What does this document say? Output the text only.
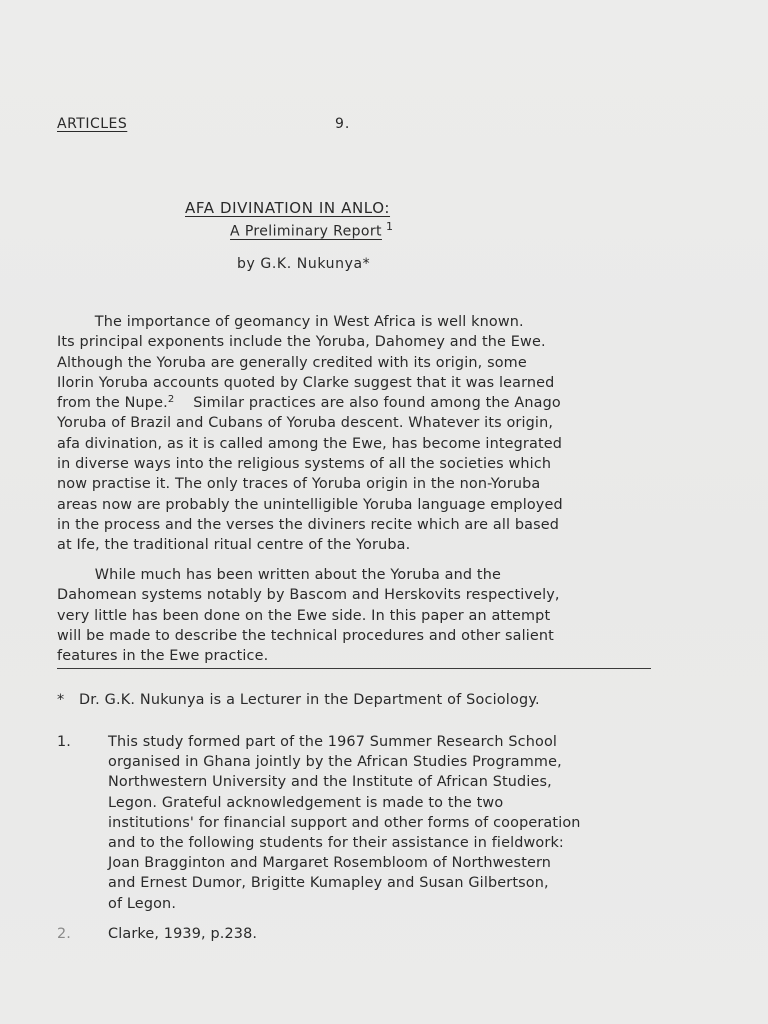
ARTICLES	9.
AFA DIVINATION IN ANLO:
A Preliminary Report $^1$
by G.K. Nukunya*
The importance of geomancy in West Africa is well known.
Its principal exponents include the Yoruba, Dahomey and the Ewe.
Although the Yoruba are generally credited with its origin, some
Ilorin Yoruba accounts quoted by Clarke suggest that it was learned
from the Nupe.$^2$    Similar practices are also found among the Anago
Yoruba of Brazil and Cubans of Yoruba descent. Whatever its origin,
afa divination, as it is called among the Ewe, has become integrated
in diverse ways into the religious systems of all the societies which
now practise it. The only traces of Yoruba origin in the non-Yoruba
areas now are probably the unintelligible Yoruba language employed
in the process and the verses the diviners recite which are all based
at Ife, the traditional ritual centre of the Yoruba.
While much has been written about the Yoruba and the
Dahomean systems notably by Bascom and Herskovits respectively,
very little has been done on the Ewe side. In this paper an attempt
will be made to describe the technical procedures and other salient
features in the Ewe practice.
* Dr. G.K. Nukunya is a Lecturer in the Department of Sociology.
1.	This study formed part of the 1967 Summer Research School
organised in Ghana jointly by the African Studies Programme,
Northwestern University and the Institute of African Studies,
Legon. Grateful acknowledgement is made to the two
institutions' for financial support and other forms of cooperation
and to the following students for their assistance in fieldwork:
Joan Bragginton and Margaret Rosembloom of Northwestern
and Ernest Dumor, Brigitte Kumapley and Susan Gilbertson,
of Legon.
2.	Clarke, 1939, p.238.
